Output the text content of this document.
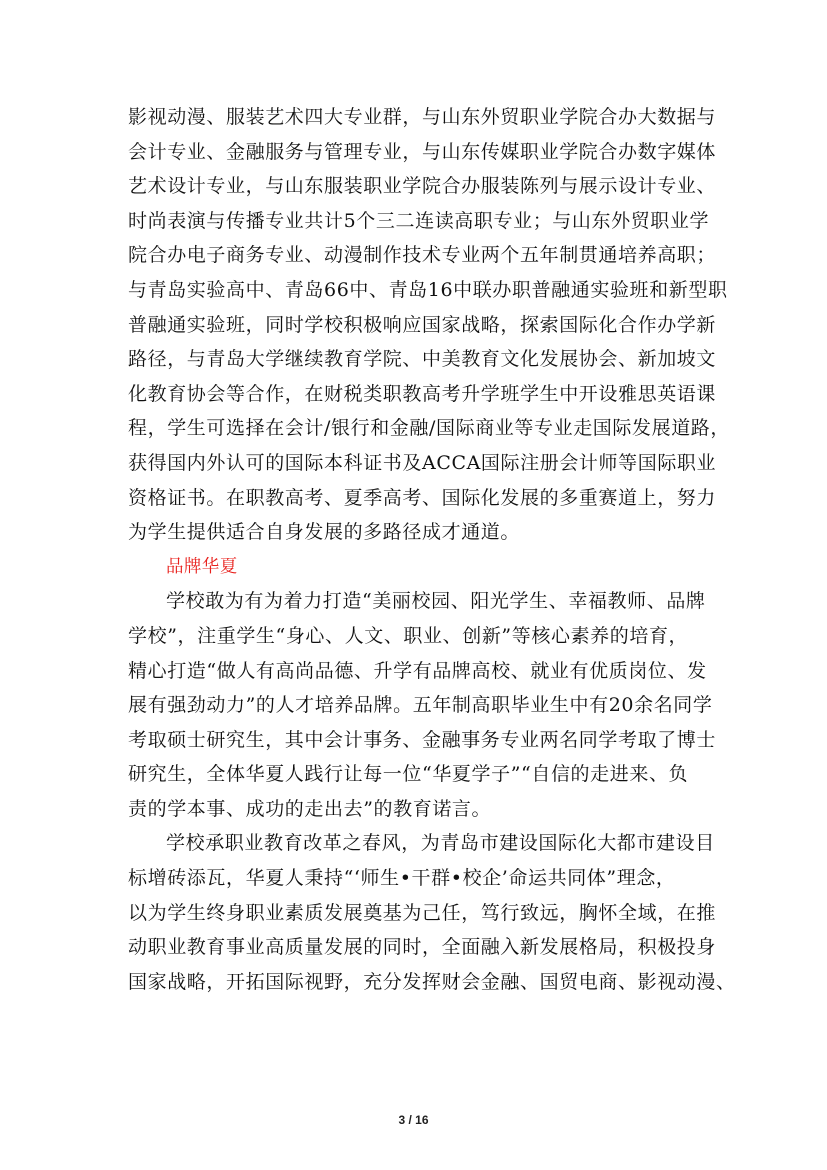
影视动漫、服装艺术四大专业群，与山东外贸职业学院合办大数据与
会计专业、金融服务与管理专业，与山东传媒职业学院合办数字媒体
艺术设计专业，与山东服装职业学院合办服装陈列与展示设计专业、
时尚表演与传播专业共计5个三二连读高职专业；与山东外贸职业学
院合办电子商务专业、动漫制作技术专业两个五年制贯通培养高职；
与青岛实验高中、青岛66中、青岛16中联办职普融通实验班和新型职
普融通实验班，同时学校积极响应国家战略，探索国际化合作办学新
路径，与青岛大学继续教育学院、中美教育文化发展协会、新加坡文
化教育协会等合作，在财税类职教高考升学班学生中开设雅思英语课
程，学生可选择在会计/银行和金融/国际商业等专业走国际发展道路，
获得国内外认可的国际本科证书及ACCA国际注册会计师等国际职业
资格证书。在职教高考、夏季高考、国际化发展的多重赛道上，努力
为学生提供适合自身发展的多路径成才通道。
品牌华夏
学校敢为有为着力打造“美丽校园、阳光学生、幸福教师、品牌
学校”，注重学生“身心、人文、职业、创新”等核心素养的培育，
精心打造“做人有高尚品德、升学有品牌高校、就业有优质岗位、发
展有强劲动力”的人才培养品牌。五年制高职毕业生中有20余名同学
考取硕士研究生，其中会计事务、金融事务专业两名同学考取了博士
研究生，全体华夏人践行让每一位“华夏学子”“自信的走进来、负
责的学本事、成功的走出去”的教育诺言。
学校承职业教育改革之春风，为青岛市建设国际化大都市建设目
标增砖添瓦，华夏人秉持“‘师生•干群•校企’命运共同体”理念，
以为学生终身职业素质发展奠基为己任，笃行致远，胸怀全域，在推
动职业教育事业高质量发展的同时，全面融入新发展格局，积极投身
国家战略，开拓国际视野，充分发挥财会金融、国贸电商、影视动漫、
3 / 16
